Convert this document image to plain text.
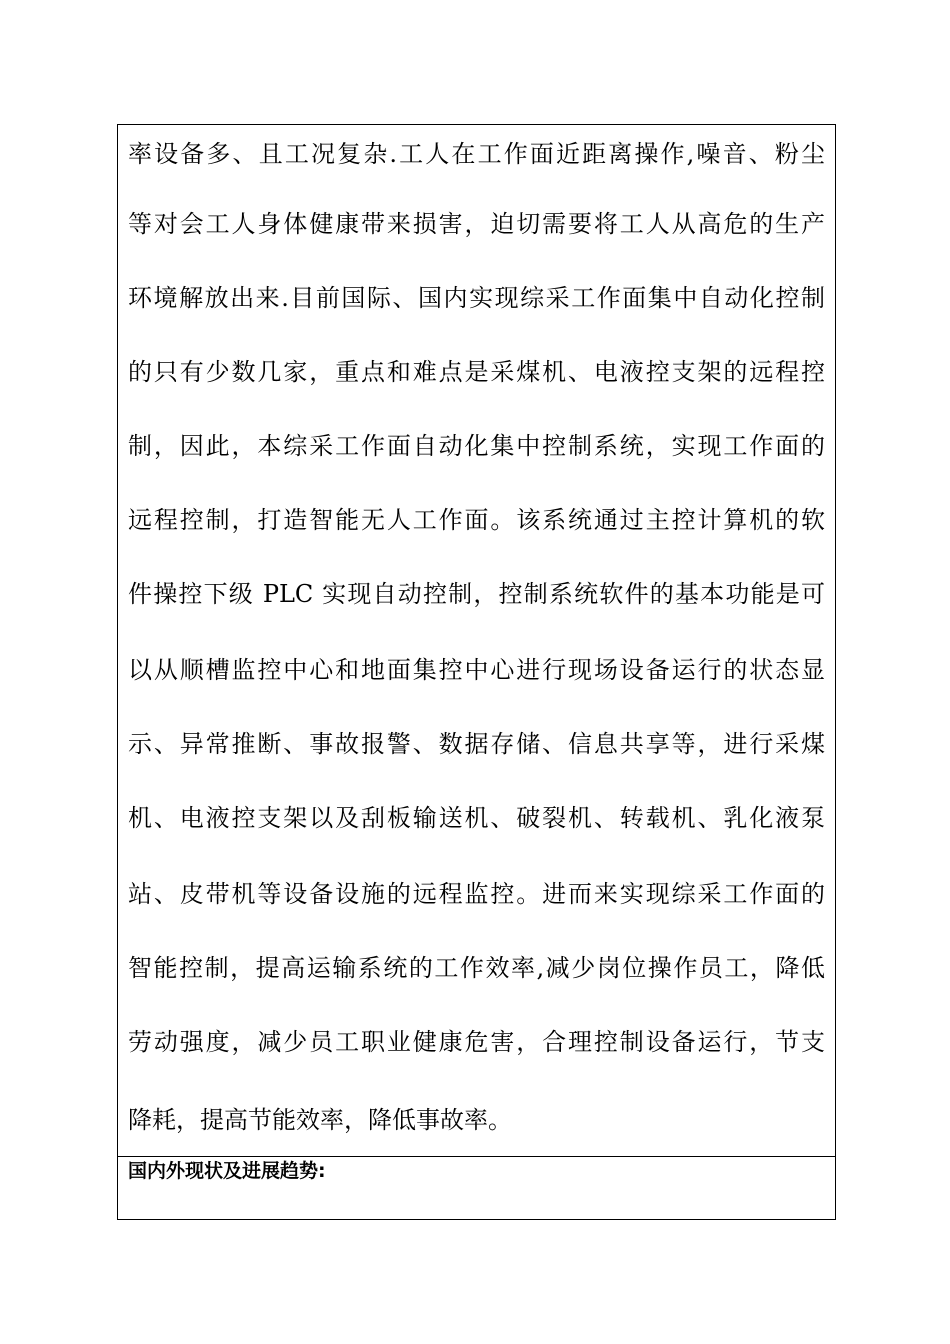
率设备多、且工况复杂.工人在工作面近距离操作,噪音、粉尘
等对会工人身体健康带来损害，迫切需要将工人从高危的生产
环境解放出来.目前国际、国内实现综采工作面集中自动化控制
的只有少数几家，重点和难点是采煤机、电液控支架的远程控
制，因此，本综采工作面自动化集中控制系统，实现工作面的
远程控制，打造智能无人工作面。该系统通过主控计算机的软
件操控下级 PLC 实现自动控制，控制系统软件的基本功能是可
以从顺槽监控中心和地面集控中心进行现场设备运行的状态显
示、异常推断、事故报警、数据存储、信息共享等，进行采煤
机、电液控支架以及刮板输送机、破裂机、转载机、乳化液泵
站、皮带机等设备设施的远程监控。进而来实现综采工作面的
智能控制，提高运输系统的工作效率,减少岗位操作员工，降低
劳动强度，减少员工职业健康危害，合理控制设备运行，节支
降耗，提高节能效率，降低事故率。
国内外现状及进展趋势:
